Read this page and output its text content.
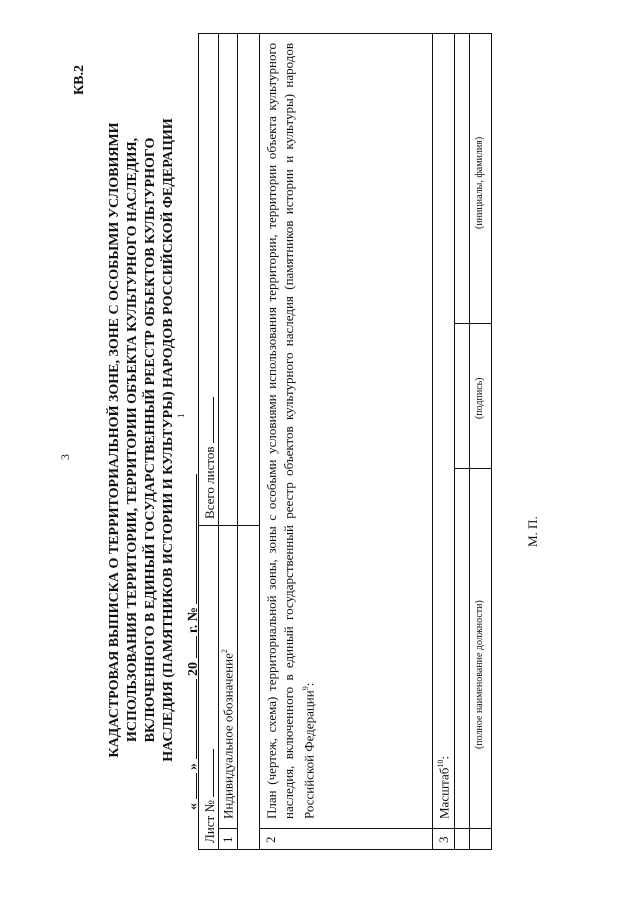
КВ.2
3	КАДАСТРОВАЯ ВЫПИСКА О ТЕРРИТОРИАЛЬНОЙ ЗОНЕ, ЗОНЕ С ОСОБЫМИ УСЛОВИЯМИ ИСПОЛЬЗОВАНИЯ ТЕРРИТОРИИ, ТЕРРИТОРИИ ОБЪЕКТА КУЛЬТУРНОГО НАСЛЕДИЯ, ВКЛЮЧЕННОГО В ЕДИНЫЙ ГОСУДАРСТВЕННЫЙ РЕЕСТР ОБЪЕКТОВ КУЛЬТУРНОГО НАСЛЕДИЯ (ПАМЯТНИКОВ ИСТОРИИ И КУЛЬТУРЫ) НАРОДОВ РОССИЙСКОЙ ФЕДЕРАЦИИ 1
«  »  20  г. №
Лист №
Всего листов
1
Индивидуальное обозначение$^2$
2
План (чертеж, схема) территориальной зоны, зоны с особыми условиями использования территории, территории объекта культурного наследия, включенного в единый государственный реестр объектов культурного наследия (памятников истории и культуры) народов Российской Федерации$^9$:
3
Масштаб$^{10}$:
(полное наименование должности)
(подпись)
(инициалы, фамилия)
М. П.
